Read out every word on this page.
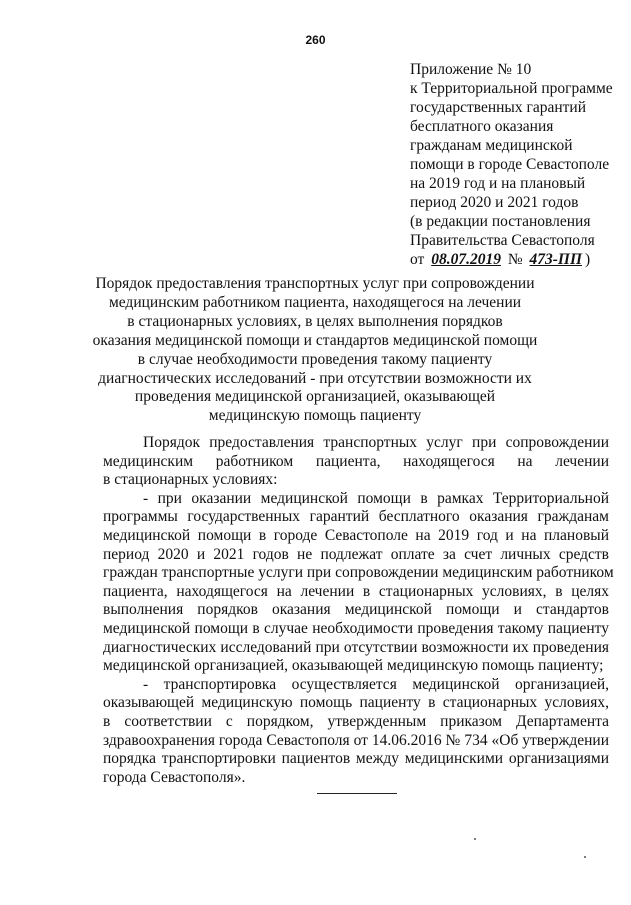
260
Приложение № 10
к Территориальной программе
государственных гарантий
бесплатного оказания
гражданам медицинской
помощи в городе Севастополе
на 2019 год и на плановый
период 2020 и 2021 годов
(в редакции постановления
Правительства Севастополя
от 08.07.2019 № 473-ПП )
Порядок предоставления транспортных услуг при сопровождении
медицинским работником пациента, находящегося на лечении
в стационарных условиях, в целях выполнения порядков
оказания медицинской помощи и стандартов медицинской помощи
в случае необходимости проведения такому пациенту
диагностических исследований - при отсутствии возможности их
проведения медицинской организацией, оказывающей
медицинскую помощь пациенту
Порядок предоставления транспортных услуг при сопровождении
медицинским работником пациента, находящегося на лечении
в стационарных условиях:
- при оказании медицинской помощи в рамках Территориальной
программы государственных гарантий бесплатного оказания гражданам
медицинской помощи в городе Севастополе на 2019 год и на плановый
период 2020 и 2021 годов не подлежат оплате за счет личных средств
граждан транспортные услуги при сопровождении медицинским работником
пациента, находящегося на лечении в стационарных условиях, в целях
выполнения порядков оказания медицинской помощи и стандартов
медицинской помощи в случае необходимости проведения такому пациенту
диагностических исследований при отсутствии возможности их проведения
медицинской организацией, оказывающей медицинскую помощь пациенту;
- транспортировка осуществляется медицинской организацией,
оказывающей медицинскую помощь пациенту в стационарных условиях,
в соответствии с порядком, утвержденным приказом Департамента
здравоохранения города Севастополя от 14.06.2016 № 734 «Об утверждении
порядка транспортировки пациентов между медицинскими организациями
города Севастополя».
